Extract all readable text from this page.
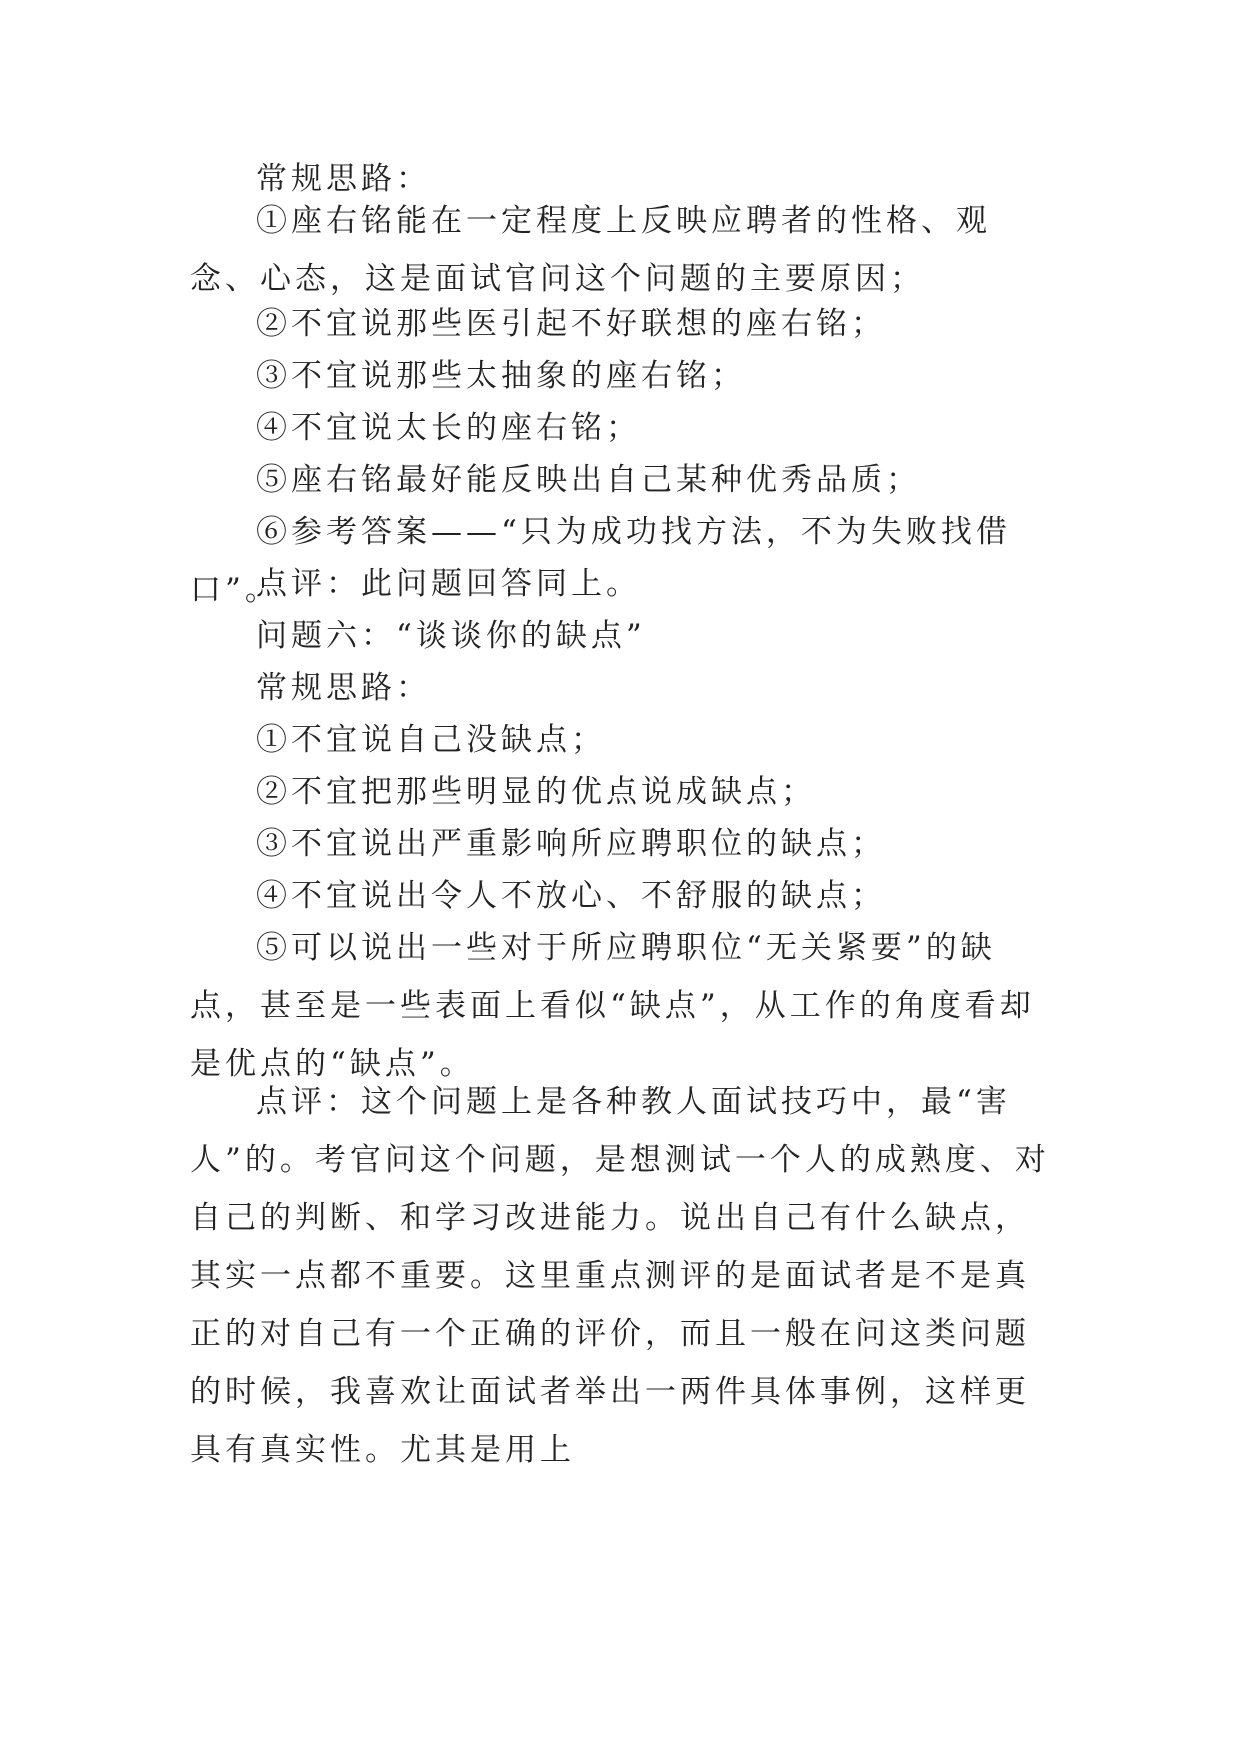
常规思路：

①座右铭能在一定程度上反映应聘者的性格、观念、心态，这是面试官问这个问题的主要原因；

②不宜说那些医引起不好联想的座右铭；

③不宜说那些太抽象的座右铭；

④不宜说太长的座右铭；

⑤座右铭最好能反映出自己某种优秀品质；

⑥参考答案——“只为成功找方法，不为失败找借口”。

点评：此问题回答同上。

问题六：“谈谈你的缺点”

常规思路：

①不宜说自己没缺点；

②不宜把那些明显的优点说成缺点；

③不宜说出严重影响所应聘职位的缺点；

④不宜说出令人不放心、不舒服的缺点；

⑤可以说出一些对于所应聘职位“无关紧要”的缺点，甚至是一些表面上看似“缺点”，从工作的角度看却是优点的“缺点”。

点评：这个问题上是各种教人面试技巧中，最“害人”的。考官问这个问题，是想测试一个人的成熟度、对自己的判断、和学习改进能力。说出自己有什么缺点，其实一点都不重要。这里重点测评的是面试者是不是真正的对自己有一个正确的评价，而且一般在问这类问题的时候，我喜欢让面试者举出一两件具体事例，这样更具有真实性。尤其是用上
